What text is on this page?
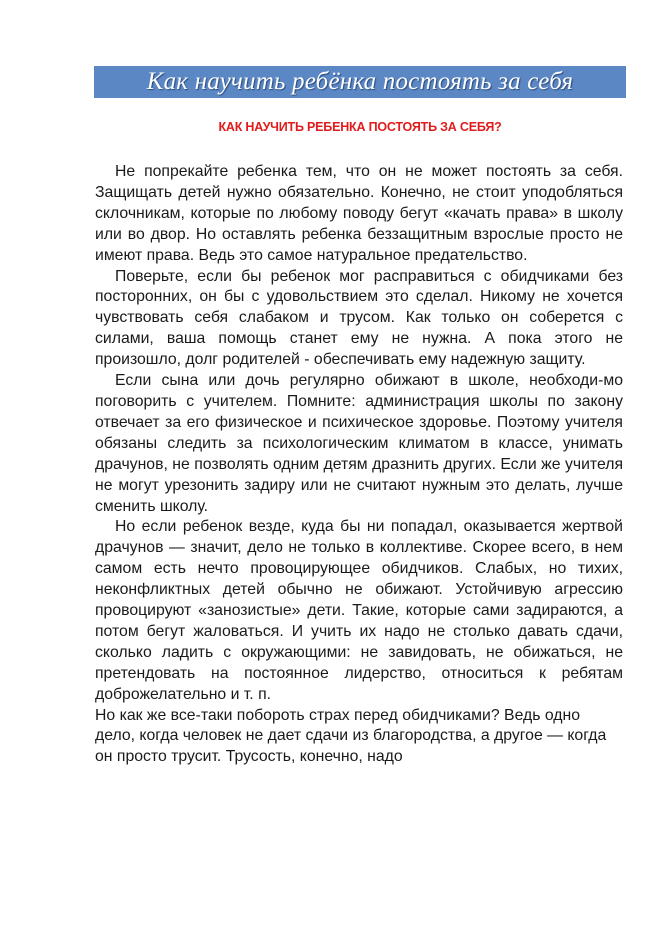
Как научить ребёнка постоять за себя
КАК НАУЧИТЬ РЕБЕНКА ПОСТОЯТЬ ЗА СЕБЯ?

Не попрекайте ребенка тем, что он не может постоять за себя. Защищать детей нужно обязательно. Конечно, не стоит уподобляться склочникам, которые по любому поводу бегут «качать права» в школу или во двор. Но оставлять ребенка беззащитным взрослые просто не имеют права. Ведь это самое натуральное предательство.

Поверьте, если бы ребенок мог расправиться с обидчиками без посторонних, он бы с удовольствием это сделал. Никому не хочется чувствовать себя слабаком и трусом. Как только он соберется с силами, ваша помощь станет ему не нужна. А пока этого не произошло, долг родителей - обеспечивать ему надежную защиту.

Если сына или дочь регулярно обижают в школе, необходи-мо поговорить с учителем. Помните: администрация школы по закону отвечает за его физическое и психическое здоровье. Поэтому учителя обязаны следить за психологическим климатом в классе, унимать драчунов, не позволять одним детям дразнить других. Если же учителя не могут урезонить задиру или не считают нужным это делать, лучше сменить школу.

Но если ребенок везде, куда бы ни попадал, оказывается жертвой драчунов — значит, дело не только в коллективе. Скорее всего, в нем самом есть нечто провоцирующее обидчиков. Слабых, но тихих, неконфликтных детей обычно не обижают. Устойчивую агрессию провоцируют «занозистые» дети. Такие, которые сами задираются, а потом бегут жаловаться. И учить их надо не столько давать сдачи, сколько ладить с окружающими: не завидовать, не обижаться, не претендовать на постоянное лидерство, относиться к ребятам доброжелательно и т. п.

Но как же все-таки побороть страх перед обидчиками? Ведь одно дело, когда человек не дает сдачи из благородства, а другое — когда он просто трусит. Трусость, конечно, надо
